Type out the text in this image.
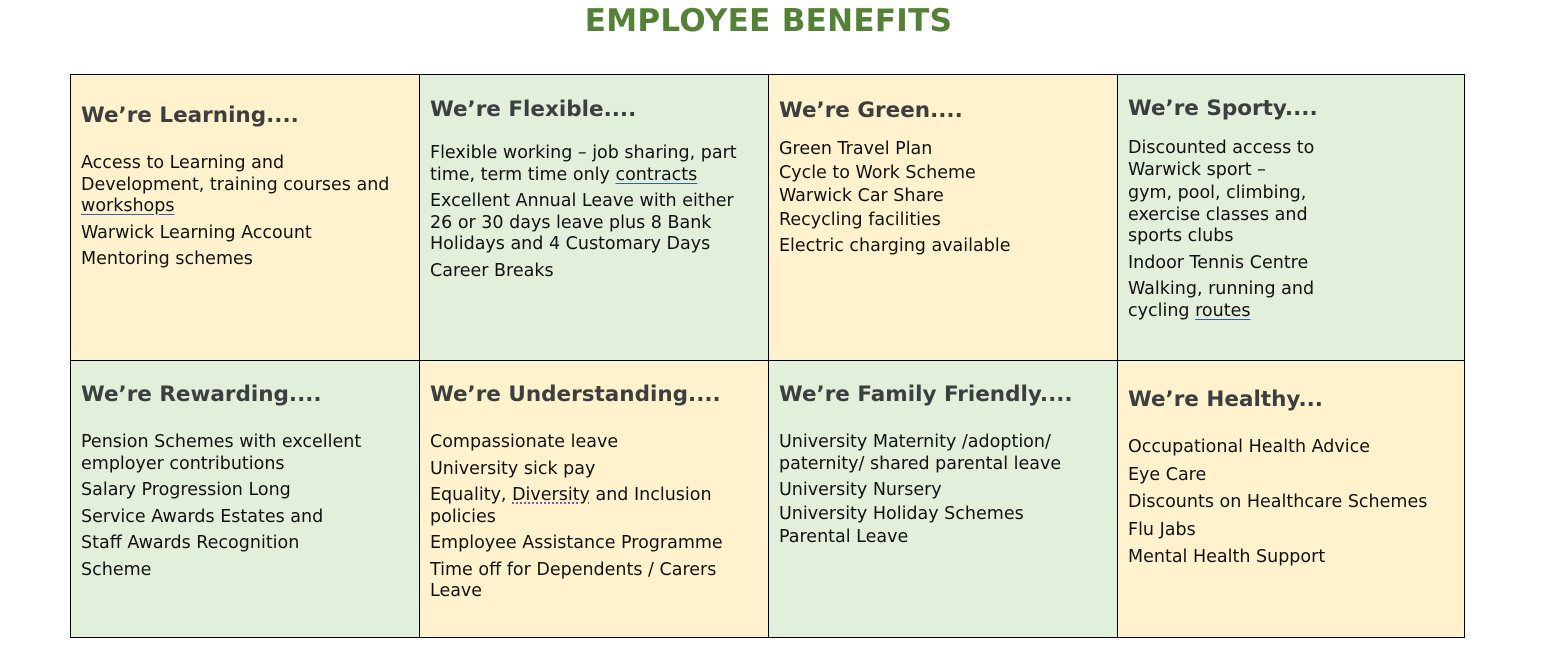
EMPLOYEE BENEFITS
We’re Learning....
Access to Learning and Development, training courses and workshops
Warwick Learning Account
Mentoring schemes
We’re Flexible....
Flexible working – job sharing, part time, term time only contracts
Excellent Annual Leave with either 26 or 30 days leave plus 8 Bank Holidays and 4 Customary Days
Career Breaks
We’re Green....
Green Travel Plan
Cycle to Work Scheme
Warwick Car Share
Recycling facilities
Electric charging available
We’re Sporty....
Discounted access to Warwick sport –
gym, pool, climbing, exercise classes and sports clubs
Indoor Tennis Centre
Walking, running and cycling routes
We’re Rewarding....
Pension Schemes with excellent employer contributions
Salary Progression Long
Service Awards Estates and
Staff Awards Recognition
Scheme
We’re Understanding....
Compassionate leave
University sick pay
Equality, Diversity and Inclusion policies
Employee Assistance Programme
Time off for Dependents / Carers Leave
We’re Family Friendly....
University Maternity /adoption/ paternity/ shared parental leave
University Nursery
University Holiday Schemes
Parental Leave
We’re Healthy...
Occupational Health Advice
Eye Care
Discounts on Healthcare Schemes
Flu Jabs
Mental Health Support
